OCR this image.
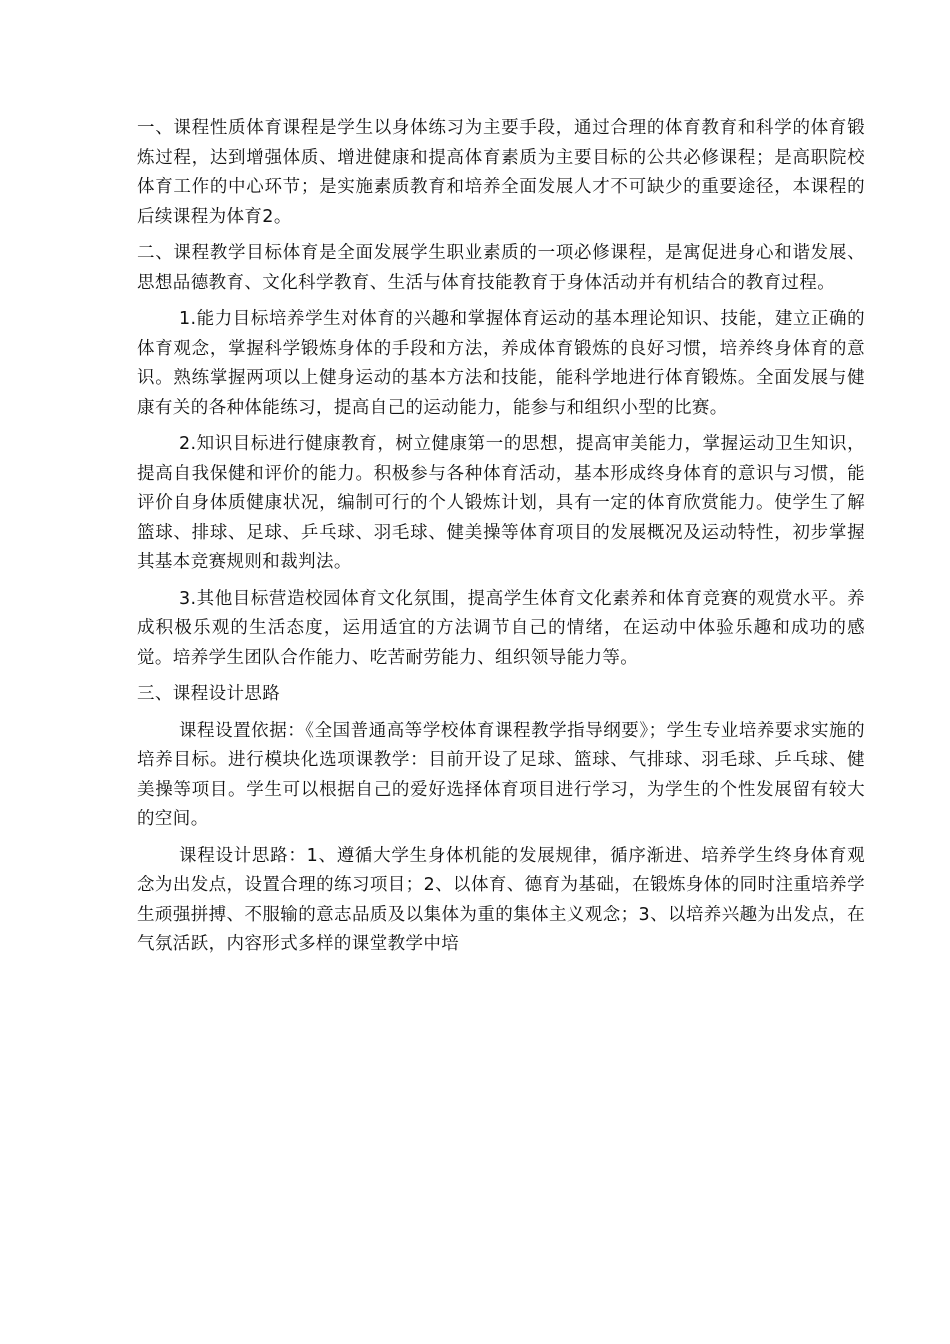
一、课程性质体育课程是学生以身体练习为主要手段，通过合理的体育教育和科学的体育锻炼过程，达到增强体质、增进健康和提高体育素质为主要目标的公共必修课程；是高职院校体育工作的中心环节；是实施素质教育和培养全面发展人才不可缺少的重要途径，本课程的后续课程为体育2。

二、课程教学目标体育是全面发展学生职业素质的一项必修课程，是寓促进身心和谐发展、思想品德教育、文化科学教育、生活与体育技能教育于身体活动并有机结合的教育过程。

1.能力目标培养学生对体育的兴趣和掌握体育运动的基本理论知识、技能，建立正确的体育观念，掌握科学锻炼身体的手段和方法，养成体育锻炼的良好习惯，培养终身体育的意识。熟练掌握两项以上健身运动的基本方法和技能，能科学地进行体育锻炼。全面发展与健康有关的各种体能练习，提高自己的运动能力，能参与和组织小型的比赛。

2.知识目标进行健康教育，树立健康第一的思想，提高审美能力，掌握运动卫生知识，提高自我保健和评价的能力。积极参与各种体育活动，基本形成终身体育的意识与习惯，能评价自身体质健康状况，编制可行的个人锻炼计划，具有一定的体育欣赏能力。使学生了解篮球、排球、足球、乒乓球、羽毛球、健美操等体育项目的发展概况及运动特性，初步掌握其基本竞赛规则和裁判法。

3.其他目标营造校园体育文化氛围，提高学生体育文化素养和体育竞赛的观赏水平。养成积极乐观的生活态度，运用适宜的方法调节自己的情绪，在运动中体验乐趣和成功的感觉。培养学生团队合作能力、吃苦耐劳能力、组织领导能力等。

三、课程设计思路

课程设置依据：《全国普通高等学校体育课程教学指导纲要》；学生专业培养要求实施的培养目标。进行模块化选项课教学：目前开设了足球、篮球、气排球、羽毛球、乒乓球、健美操等项目。学生可以根据自己的爱好选择体育项目进行学习，为学生的个性发展留有较大的空间。

课程设计思路：1、遵循大学生身体机能的发展规律，循序渐进、培养学生终身体育观念为出发点，设置合理的练习项目；2、以体育、德育为基础，在锻炼身体的同时注重培养学生顽强拼搏、不服输的意志品质及以集体为重的集体主义观念；3、以培养兴趣为出发点，在气氛活跃，内容形式多样的课堂教学中培
